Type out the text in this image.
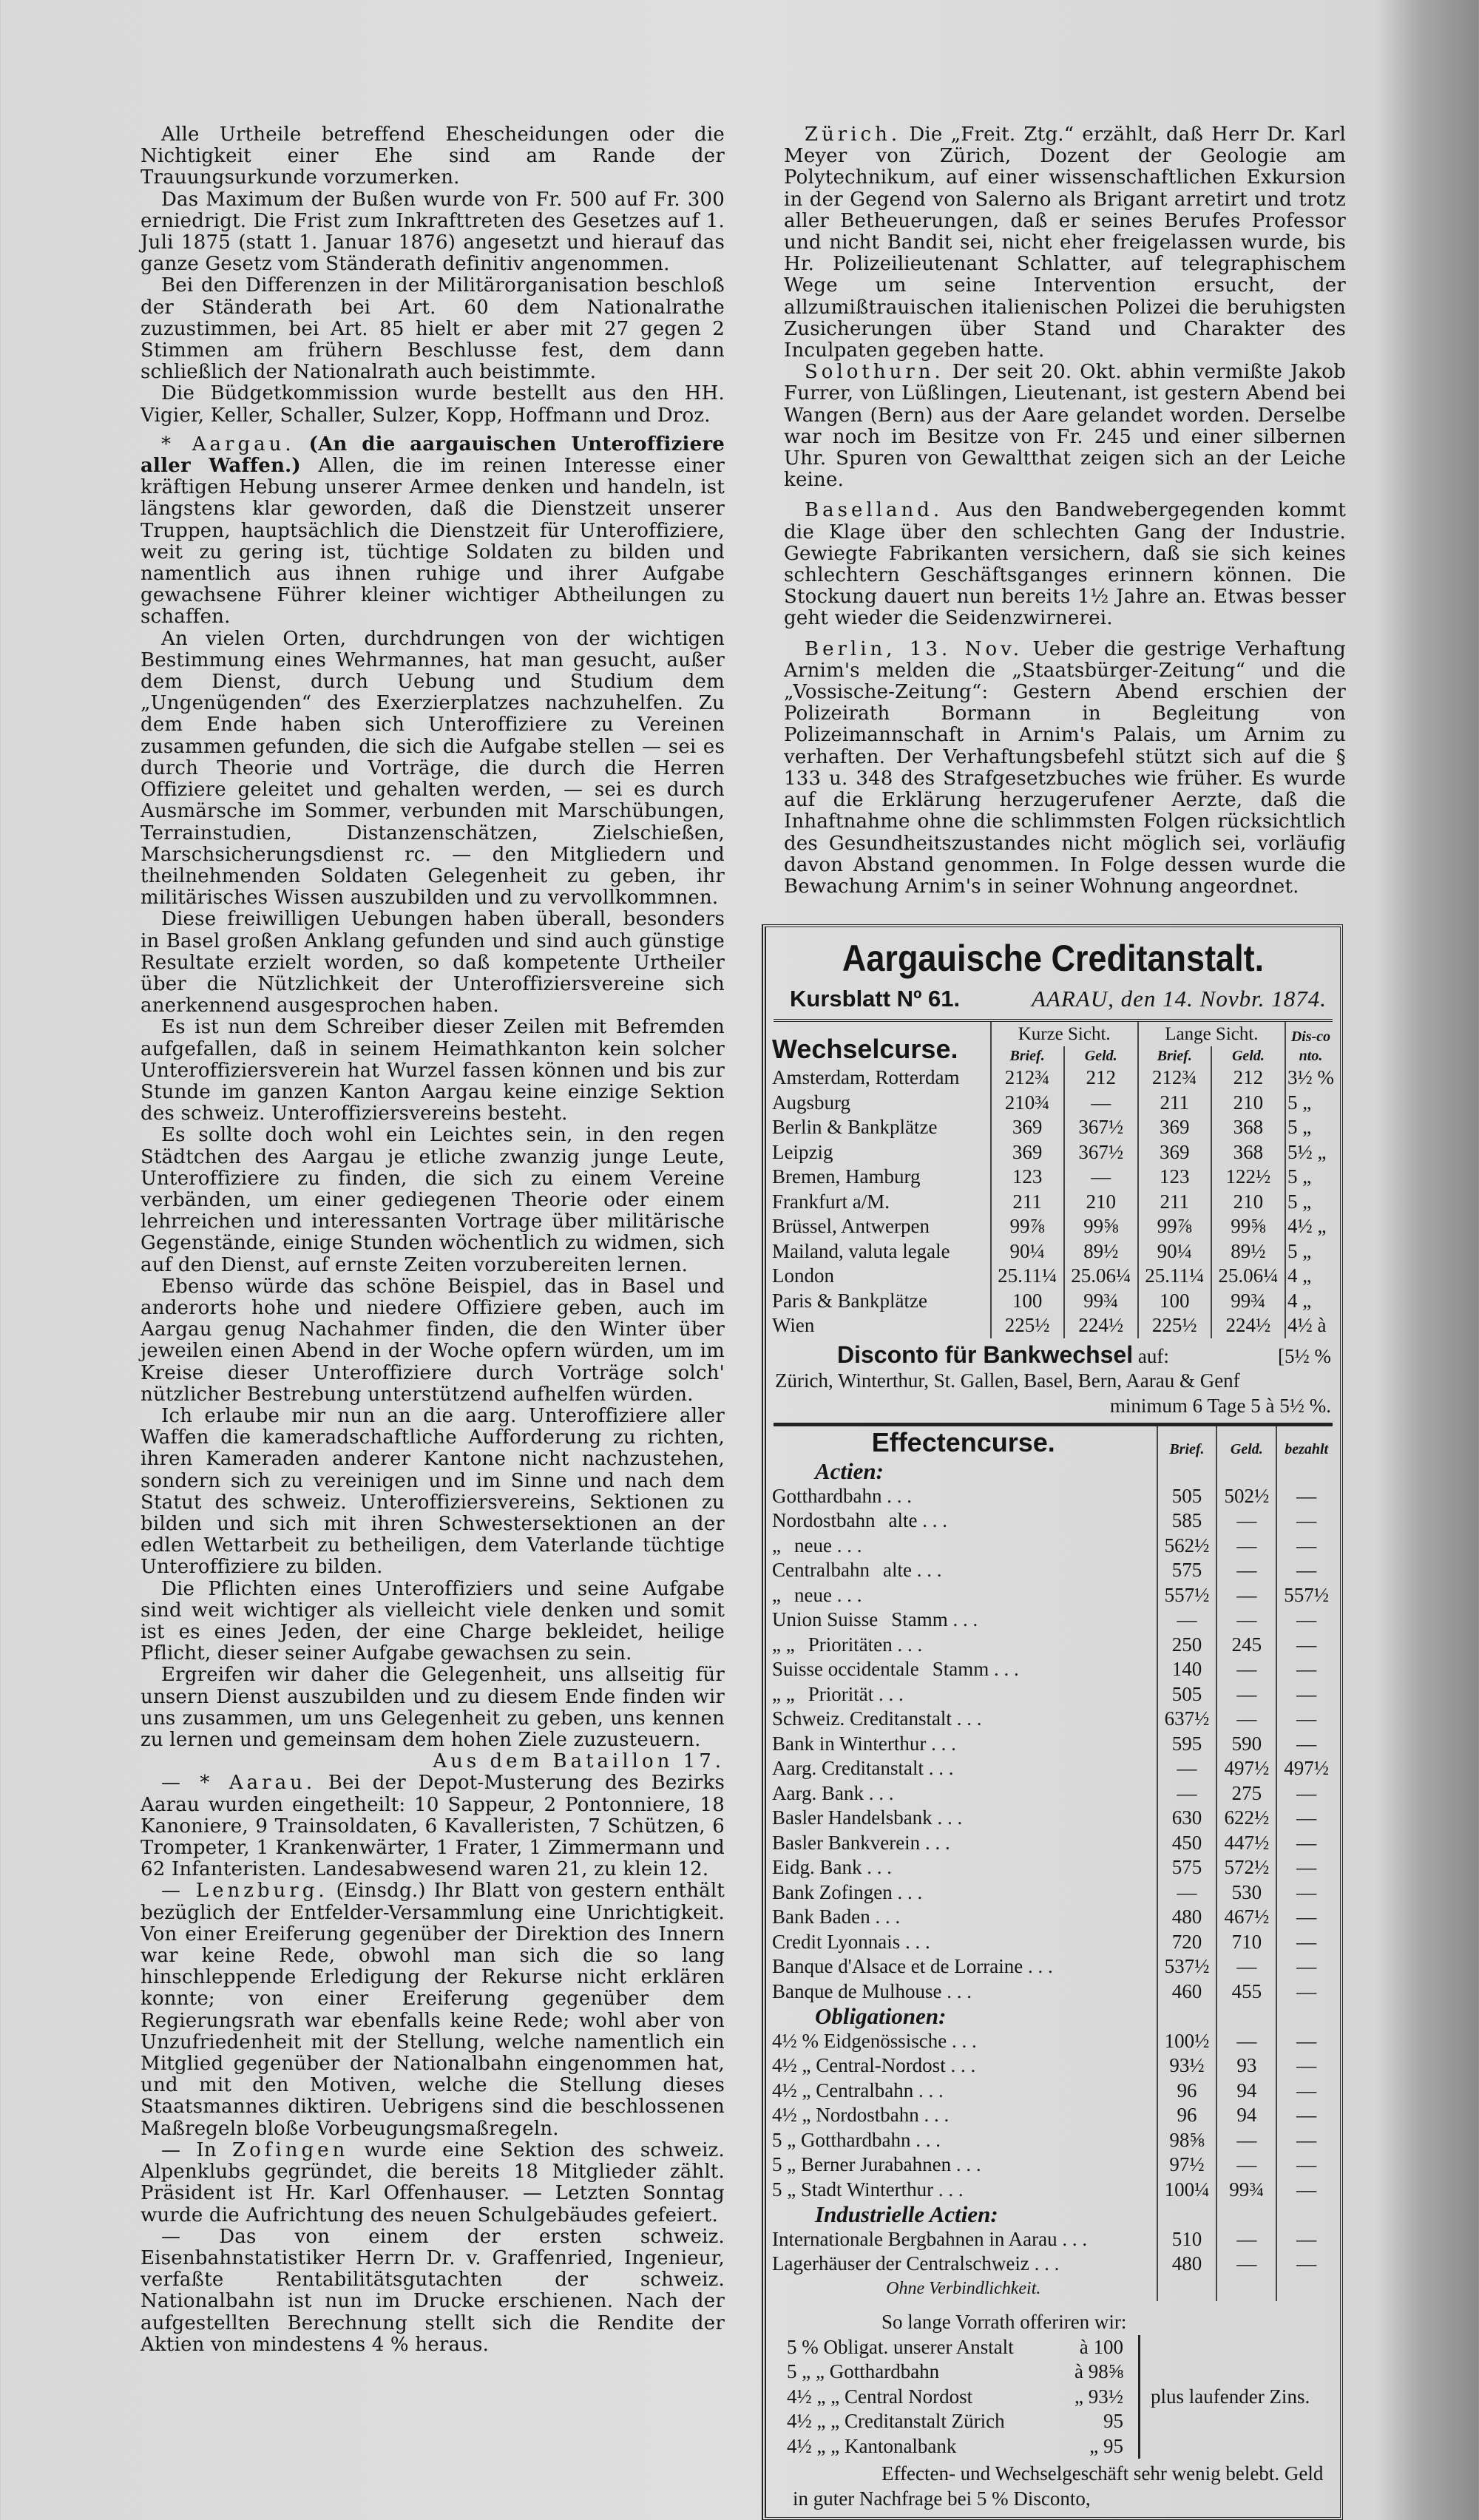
Alle Urtheile betreffend Ehescheidungen oder die Nichtigkeit einer Ehe sind am Rande der Trauungsurkunde vorzumerken.

Das Maximum der Bußen wurde von Fr. 500 auf Fr. 300 erniedrigt. Die Frist zum Inkrafttreten des Gesetzes auf 1. Juli 1875 (statt 1. Januar 1876) angesetzt und hierauf das ganze Gesetz vom Ständerath definitiv angenommen.

Bei den Differenzen in der Militärorganisation beschloß der Ständerath bei Art. 60 dem Nationalrathe zuzustimmen, bei Art. 85 hielt er aber mit 27 gegen 2 Stimmen am frühern Beschlusse fest, dem dann schließlich der Nationalrath auch beistimmte.

Die Büdgetkommission wurde bestellt aus den HH. Vigier, Keller, Schaller, Sulzer, Kopp, Hoffmann und Droz.

* Aargau. (An die aargauischen Unteroffiziere aller Waffen.) Allen, die im reinen Interesse einer kräftigen Hebung unserer Armee denken und handeln, ist längstens klar geworden, daß die Dienstzeit unserer Truppen, hauptsächlich die Dienstzeit für Unteroffiziere, weit zu gering ist, tüchtige Soldaten zu bilden und namentlich aus ihnen ruhige und ihrer Aufgabe gewachsene Führer kleiner wichtiger Abtheilungen zu schaffen.

An vielen Orten, durchdrungen von der wichtigen Bestimmung eines Wehrmannes, hat man gesucht, außer dem Dienst, durch Uebung und Studium dem „Ungenügenden“ des Exerzierplatzes nachzuhelfen. Zu dem Ende haben sich Unteroffiziere zu Vereinen zusammen gefunden, die sich die Aufgabe stellen — sei es durch Theorie und Vorträge, die durch die Herren Offiziere geleitet und gehalten werden, — sei es durch Ausmärsche im Sommer, verbunden mit Marschübungen, Terrainstudien, Distanzenschätzen, Zielschießen, Marschsicherungsdienst rc. — den Mitgliedern und theilnehmenden Soldaten Gelegenheit zu geben, ihr militärisches Wissen auszubilden und zu vervollkommnen.

Diese freiwilligen Uebungen haben überall, besonders in Basel großen Anklang gefunden und sind auch günstige Resultate erzielt worden, so daß kompetente Urtheiler über die Nützlichkeit der Unteroffiziersvereine sich anerkennend ausgesprochen haben.

Es ist nun dem Schreiber dieser Zeilen mit Befremden aufgefallen, daß in seinem Heimathkanton kein solcher Unteroffiziersverein hat Wurzel fassen können und bis zur Stunde im ganzen Kanton Aargau keine einzige Sektion des schweiz. Unteroffiziersvereins besteht.

Es sollte doch wohl ein Leichtes sein, in den regen Städtchen des Aargau je etliche zwanzig junge Leute, Unteroffiziere zu finden, die sich zu einem Vereine verbänden, um einer gediegenen Theorie oder einem lehrreichen und interessanten Vortrage über militärische Gegenstände, einige Stunden wöchentlich zu widmen, sich auf den Dienst, auf ernste Zeiten vorzubereiten lernen.

Ebenso würde das schöne Beispiel, das in Basel und anderorts hohe und niedere Offiziere geben, auch im Aargau genug Nachahmer finden, die den Winter über jeweilen einen Abend in der Woche opfern würden, um im Kreise dieser Unteroffiziere durch Vorträge solch' nützlicher Bestrebung unterstützend aufhelfen würden.

Ich erlaube mir nun an die aarg. Unteroffiziere aller Waffen die kameradschaftliche Aufforderung zu richten, ihren Kameraden anderer Kantone nicht nachzustehen, sondern sich zu vereinigen und im Sinne und nach dem Statut des schweiz. Unteroffiziersvereins, Sektionen zu bilden und sich mit ihren Schwestersektionen an der edlen Wettarbeit zu betheiligen, dem Vaterlande tüchtige Unteroffiziere zu bilden.

Die Pflichten eines Unteroffiziers und seine Aufgabe sind weit wichtiger als vielleicht viele denken und somit ist es eines Jeden, der eine Charge bekleidet, heilige Pflicht, dieser seiner Aufgabe gewachsen zu sein.

Ergreifen wir daher die Gelegenheit, uns allseitig für unsern Dienst auszubilden und zu diesem Ende finden wir uns zusammen, um uns Gelegenheit zu geben, uns kennen zu lernen und gemeinsam dem hohen Ziele zuzusteuern.

Aus dem Bataillon 17.

— * Aarau. Bei der Depot-Musterung des Bezirks Aarau wurden eingetheilt: 10 Sappeur, 2 Pontonniere, 18 Kanoniere, 9 Trainsoldaten, 6 Kavalleristen, 7 Schützen, 6 Trompeter, 1 Krankenwärter, 1 Frater, 1 Zimmermann und 62 Infanteristen. Landesabwesend waren 21, zu klein 12.

— Lenzburg. (Einsdg.) Ihr Blatt von gestern enthält bezüglich der Entfelder-Versammlung eine Unrichtigkeit. Von einer Ereiferung gegenüber der Direktion des Innern war keine Rede, obwohl man sich die so lang hinschleppende Erledigung der Rekurse nicht erklären konnte; von einer Ereiferung gegenüber dem Regierungsrath war ebenfalls keine Rede; wohl aber von Unzufriedenheit mit der Stellung, welche namentlich ein Mitglied gegenüber der Nationalbahn eingenommen hat, und mit den Motiven, welche die Stellung dieses Staatsmannes diktiren. Uebrigens sind die beschlossenen Maßregeln bloße Vorbeugungsmaßregeln.

— In Zofingen wurde eine Sektion des schweiz. Alpenklubs gegründet, die bereits 18 Mitglieder zählt. Präsident ist Hr. Karl Offenhauser. — Letzten Sonntag wurde die Aufrichtung des neuen Schulgebäudes gefeiert.

— Das von einem der ersten schweiz. Eisenbahnstatistiker Herrn Dr. v. Graffenried, Ingenieur, verfaßte Rentabilitätsgutachten der schweiz. Nationalbahn ist nun im Drucke erschienen. Nach der aufgestellten Berechnung stellt sich die Rendite der Aktien von mindestens 4 % heraus.

Zürich. Die „Freit. Ztg.“ erzählt, daß Herr Dr. Karl Meyer von Zürich, Dozent der Geologie am Polytechnikum, auf einer wissenschaftlichen Exkursion in der Gegend von Salerno als Brigant arretirt und trotz aller Betheuerungen, daß er seines Berufes Professor und nicht Bandit sei, nicht eher freigelassen wurde, bis Hr. Polizeilieutenant Schlatter, auf telegraphischem Wege um seine Intervention ersucht, der allzumißtrauischen italienischen Polizei die beruhigsten Zusicherungen über Stand und Charakter des Inculpaten gegeben hatte.

Solothurn. Der seit 20. Okt. abhin vermißte Jakob Furrer, von Lüßlingen, Lieutenant, ist gestern Abend bei Wangen (Bern) aus der Aare gelandet worden. Derselbe war noch im Besitze von Fr. 245 und einer silbernen Uhr. Spuren von Gewaltthat zeigen sich an der Leiche keine.

Baselland. Aus den Bandwebergegenden kommt die Klage über den schlechten Gang der Industrie. Gewiegte Fabrikanten versichern, daß sie sich keines schlechtern Geschäftsganges erinnern können. Die Stockung dauert nun bereits 1½ Jahre an. Etwas besser geht wieder die Seidenzwirnerei.

Berlin, 13. Nov. Ueber die gestrige Verhaftung Arnim's melden die „Staatsbürger-Zeitung“ und die „Vossische-Zeitung“: Gestern Abend erschien der Polizeirath Bormann in Begleitung von Polizeimannschaft in Arnim's Palais, um Arnim zu verhaften. Der Verhaftungsbefehl stützt sich auf die § 133 u. 348 des Strafgesetzbuches wie früher. Es wurde auf die Erklärung herzugerufener Aerzte, daß die Inhaftnahme ohne die schlimmsten Folgen rücksichtlich des Gesundheitszustandes nicht möglich sei, vorläufig davon Abstand genommen. In Folge dessen wurde die Bewachung Arnim's in seiner Wohnung angeordnet.

Aargauische Creditanstalt.
Kursblatt Nº 61.	AARAU, den 14. Novbr. 1874.
Wechselcurse.	Kurze Sicht.		Lange Sicht.		Dis-conto.
	Brief.	Geld.	Brief.	Geld.	
Amsterdam, Rotterdam	212¾	212	212¾	212	3½ %
Augsburg	210¾	—	211	210	5 „
Berlin & Bankplätze	369	367½	369	368	5 „
Leipzig	369	367½	369	368	5½ „
Bremen, Hamburg	123	—	123	122½	5 „
Frankfurt a/M.	211	210	211	210	5 „
Brüssel, Antwerpen	99⅞	99⅝	99⅞	99⅝	4½ „
Mailand, valuta legale	90¼	89½	90¼	89½	5 „
London	25.11¼	25.06¼	25.11¼	25.06¼	4 „
Paris & Bankplätze	100	99¾	100	99¾	4 „
Wien	225½	224½	225½	224½	4½ à
Disconto für Bankwechsel auf:	[5½ %
Zürich, Winterthur, St. Gallen, Basel, Bern, Aarau & Genf
minimum 6 Tage 5 à 5½ %.
Effectencurse.	Brief.	Geld.	bezahlt
Actien:			
Gotthardbahn . . .	505	502½	—
Nordostbahn alte . . .	585	—	—
„ neue . . .	562½	—	—
Centralbahn alte . . .	575	—	—
„ neue . . .	557½	—	557½
Union Suisse Stamm . . .	—	—	—
„ „ Prioritäten . . .	250	245	—
Suisse occidentale Stamm . . .	140	—	—
„ „ Priorität . . .	505	—	—
Schweiz. Creditanstalt . . .	637½	—	—
Bank in Winterthur . . .	595	590	—
Aarg. Creditanstalt . . .	—	497½	497½
Aarg. Bank . . .	—	275	—
Basler Handelsbank . . .	630	622½	—
Basler Bankverein . . .	450	447½	—
Eidg. Bank . . .	575	572½	—
Bank Zofingen . . .	—	530	—
Bank Baden . . .	480	467½	—
Credit Lyonnais . . .	720	710	—
Banque d'Alsace et de Lorraine . . .	537½	—	—
Banque de Mulhouse . . .	460	455	—
Obligationen:			
4½ % Eidgenössische . . .	100½	—	—
4½ „ Central-Nordost . . .	93½	93	—
4½ „ Centralbahn . . .	96	94	—
4½ „ Nordostbahn . . .	96	94	—
5 „ Gotthardbahn . . .	98⅝	—	—
5 „ Berner Jurabahnen . . .	97½	—	—
5 „ Stadt Winterthur . . .	100¼	99¾	—
Industrielle Actien:			
Internationale Bergbahnen in Aarau . . .	510	—	—
Lagerhäuser der Centralschweiz . . .	480	—	—
Ohne Verbindlichkeit.			
So lange Vorrath offeriren wir:
5 % Obligat. unserer Anstalt	à 100
5 „ „ Gotthardbahn	à 98⅝
4½ „ „ Central Nordost	„ 93½
4½ „ „ Creditanstalt Zürich	95
4½ „ „ Kantonalbank	„ 95
plus laufender Zins.
Effecten- und Wechselgeschäft sehr wenig belebt. Geld in guter Nachfrage bei 5 % Disconto,
